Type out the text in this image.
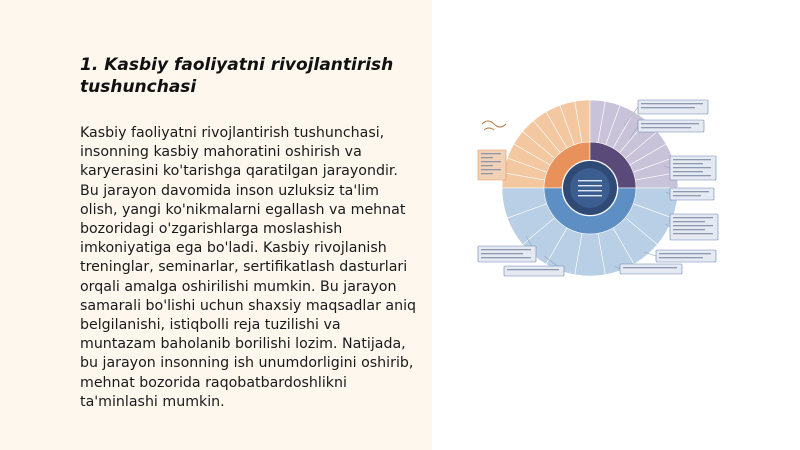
1. Kasbiy faoliyatni rivojlantirish tushunchasi

Kasbiy faoliyatni rivojlantirish tushunchasi, insonning kasbiy mahoratini oshirish va karyerasini ko'tarishga qaratilgan jarayondir. Bu jarayon davomida inson uzluksiz ta'lim olish, yangi ko'nikmalarni egallash va mehnat bozoridagi o'zgarishlarga moslashish imkoniyatiga ega bo'ladi. Kasbiy rivojlanish treninglar, seminarlar, sertifikatlash dasturlari orqali amalga oshirilishi mumkin. Bu jarayon samarali bo'lishi uchun shaxsiy maqsadlar aniq belgilanishi, istiqbolli reja tuzilishi va muntazam baholanib borilishi lozim. Natijada, bu jarayon insonning ish unumdorligini oshirib, mehnat bozorida raqobatbardoshlikni ta'minlashi mumkin.
